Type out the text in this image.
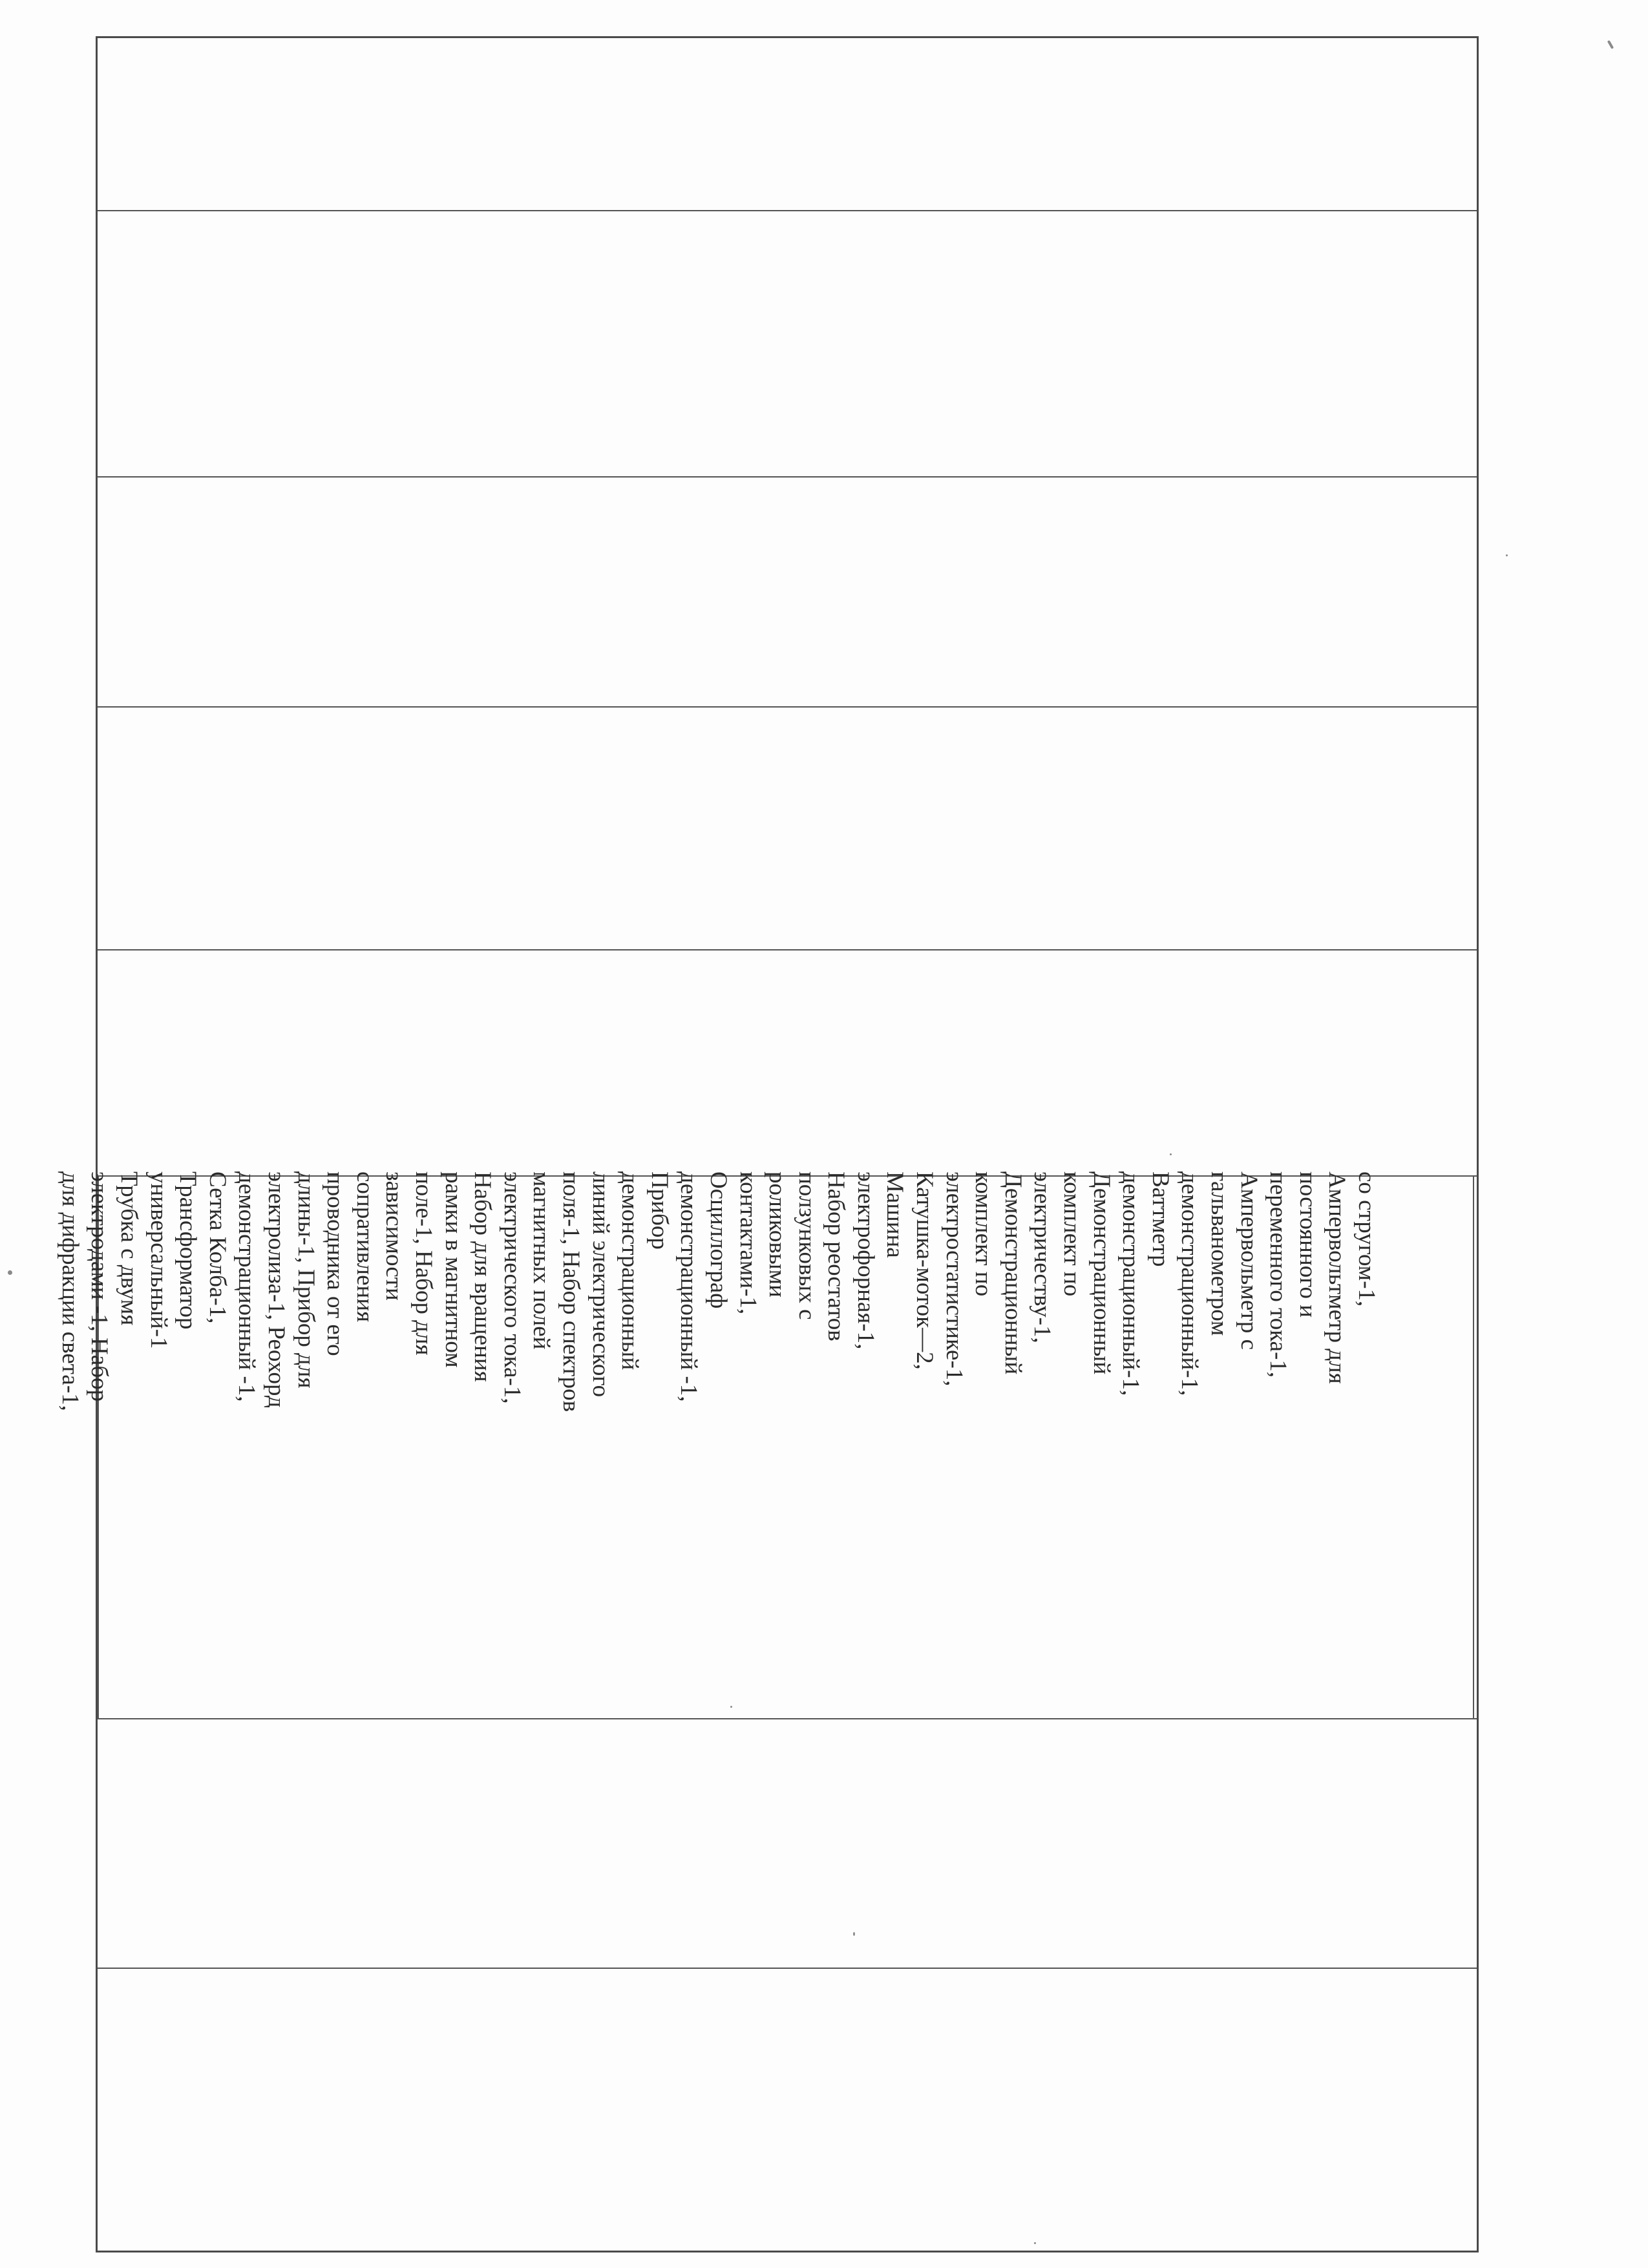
со стругом-1,
Ампервольтметр для
постоянного и
переменного тока-1,
Ампервольметр с
гальванометром
демонстрационный-1,
Ваттметр
демонстрационный-1,
Демонстрационный
комплект по
электричеству-1,
Демонстрационный
комплект по
электростатистике-1,
Катушка-моток—2,
Машина
электрофорная-1,
Набор реостатов
ползунковых с
роликовыми
контактами-1,
Осциллограф
демонстрационный -1,
Прибор
демонстрационный
линий электрического
поля-1, Набор спектров
магнитных полей
электрического тока-1,
Набор для вращения
рамки в магнитном
поле-1, Набор для
зависимости
сопративления
проводника от его
длины-1, Прибор для
электролиза-1, Реохорд
демонстрационный -1,
Сетка Колба-1,
Трансформатор
универсальный-1
Трубка с двумя
электродами -1, Набор
для дифракции света-1,
